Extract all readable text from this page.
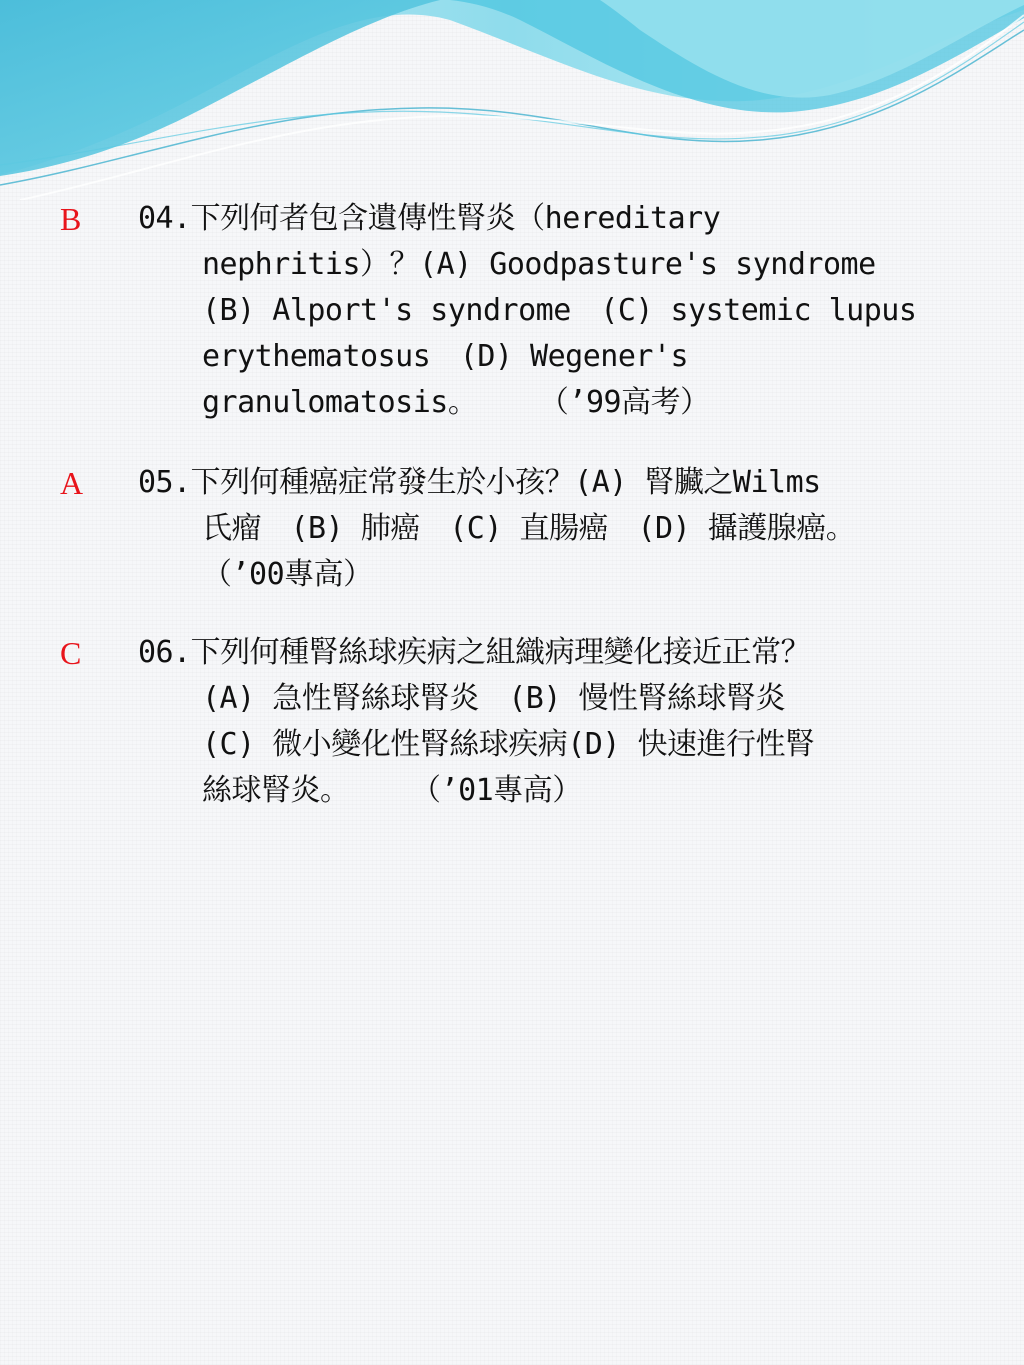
B 04.下列何者包含遺傳性腎炎（hereditary
nephritis）？(A) Goodpasture's syndrome
(B) Alport's syndrome　(C) systemic lupus
erythematosus　(D) Wegener's
granulomatosis。　　 （’99高考）
A 05.下列何種癌症常發生於小孩？(A) 腎臟之Wilms
氏瘤　(B) 肺癌　(C) 直腸癌　(D) 攝護腺癌。
（’00專高）
C 06.下列何種腎絲球疾病之組織病理變化接近正常？
(A) 急性腎絲球腎炎　(B) 慢性腎絲球腎炎
(C) 微小變化性腎絲球疾病(D) 快速進行性腎
絲球腎炎。　　 （’01專高）
